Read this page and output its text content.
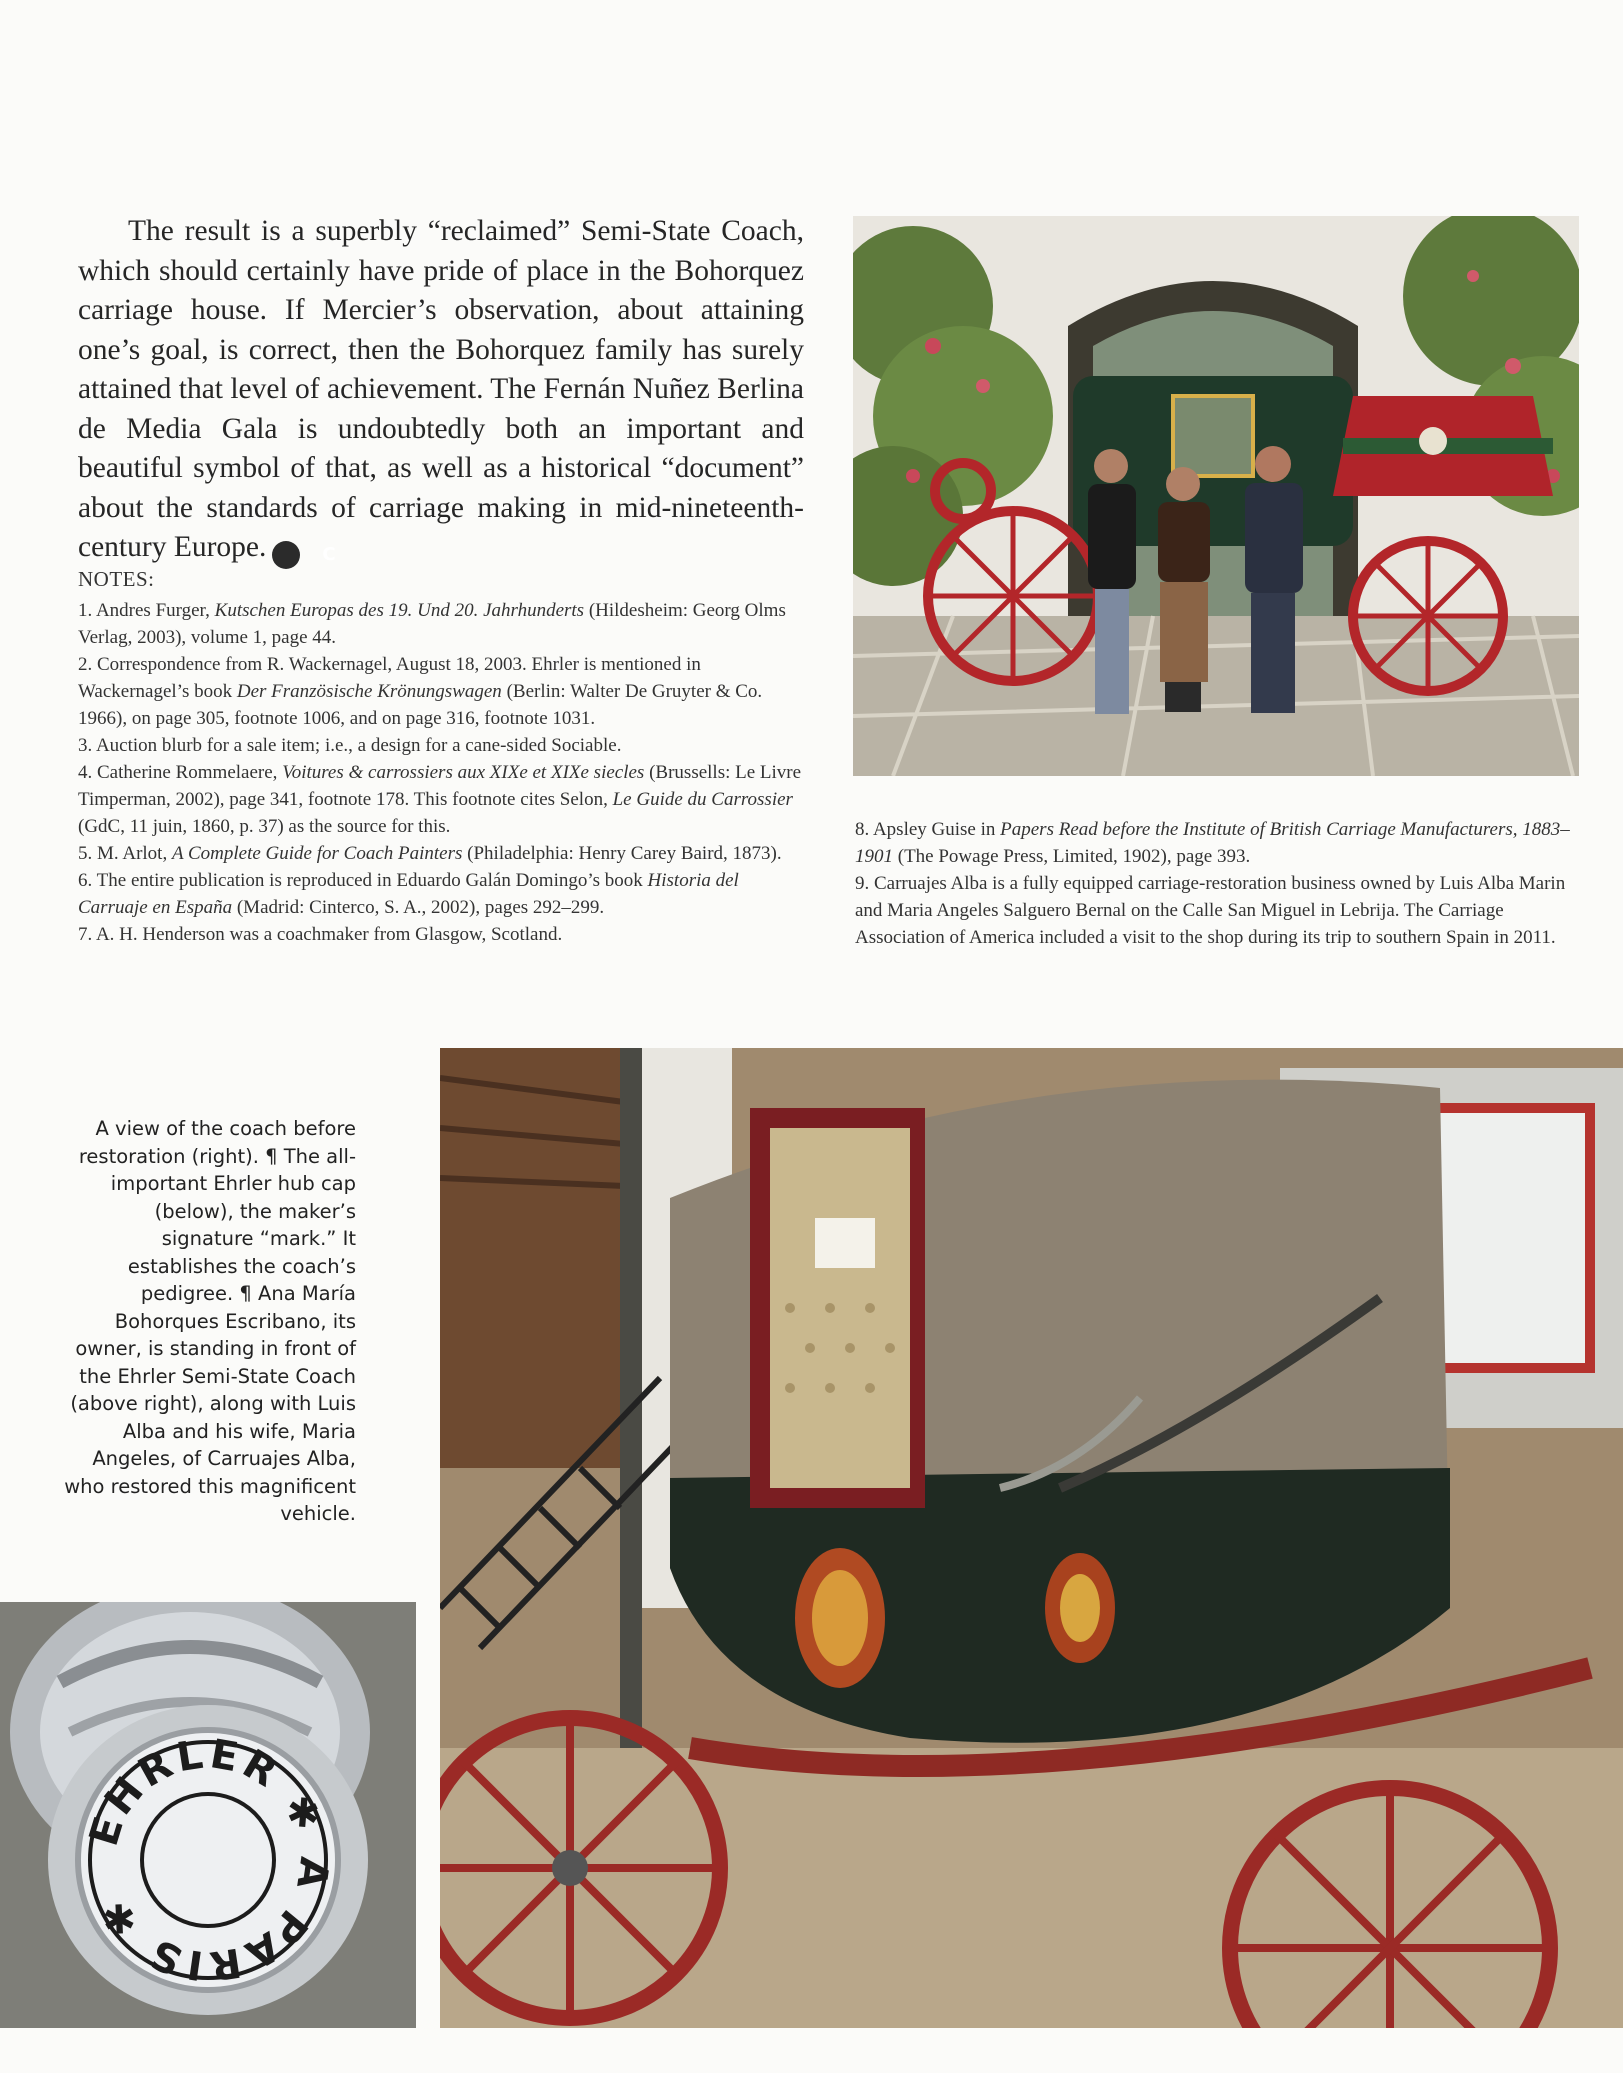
The result is a superbly “reclaimed” Semi-State Coach, which should certainly have pride of place in the Bohorquez carriage house. If Mercier’s observation, about attaining one’s goal, is correct, then the Bohorquez family has surely attained that level of achievement. The Fernán Nuñez Berlina de Media Gala is undoubtedly both an important and beautiful symbol of that, as well as a historical “document” about the standards of carriage making in mid-nineteenth-century Europe.	C

NOTES:

1. Andres Furger, Kutschen Europas des 19. Und 20. Jahrhunderts (Hildesheim: Georg Olms Verlag, 2003), volume 1, page 44.

2. Correspondence from R. Wackernagel, August 18, 2003. Ehrler is mentioned in Wackernagel’s book Der Französische Krönungswagen (Berlin: Walter De Gruyter & Co. 1966), on page 305, footnote 1006, and on page 316, footnote 1031.

3. Auction blurb for a sale item; i.e., a design for a cane-sided Sociable.

4. Catherine Rommelaere, Voitures & carrossiers aux XIXe et XIXe siecles (Brussells: Le Livre Timperman, 2002), page 341, footnote 178. This footnote cites Selon, Le Guide du Carrossier (GdC, 11 juin, 1860, p. 37) as the source for this.

5. M. Arlot, A Complete Guide for Coach Painters (Philadelphia: Henry Carey Baird, 1873).

6. The entire publication is reproduced in Eduardo Galán Domingo’s book Historia del Carruaje en España (Madrid: Cinterco, S. A., 2002), pages 292–299.

7. A. H. Henderson was a coachmaker from Glasgow, Scotland.

8. Apsley Guise in Papers Read before the Institute of British Carriage Manufacturers, 1883–1901 (The Powage Press, Limited, 1902), page 393.

9. Carruajes Alba is a fully equipped carriage-restoration business owned by Luis Alba Marin and Maria Angeles Salguero Bernal on the Calle San Miguel in Lebrija. The Carriage Association of America included a visit to the shop during its trip to southern Spain in 2011.

A view of the coach before restoration (right). ¶ The all-important Ehrler hub cap (below), the maker’s signature “mark.” It establishes the coach’s pedigree. ¶ Ana María Bohorques Escribano, its owner, is standing in front of the Ehrler Semi-State Coach (above right), along with Luis Alba and his wife, Maria Angeles, of Carruajes Alba, who restored this magnificent vehicle.
EHRLER ✱ A PARIS ✱
